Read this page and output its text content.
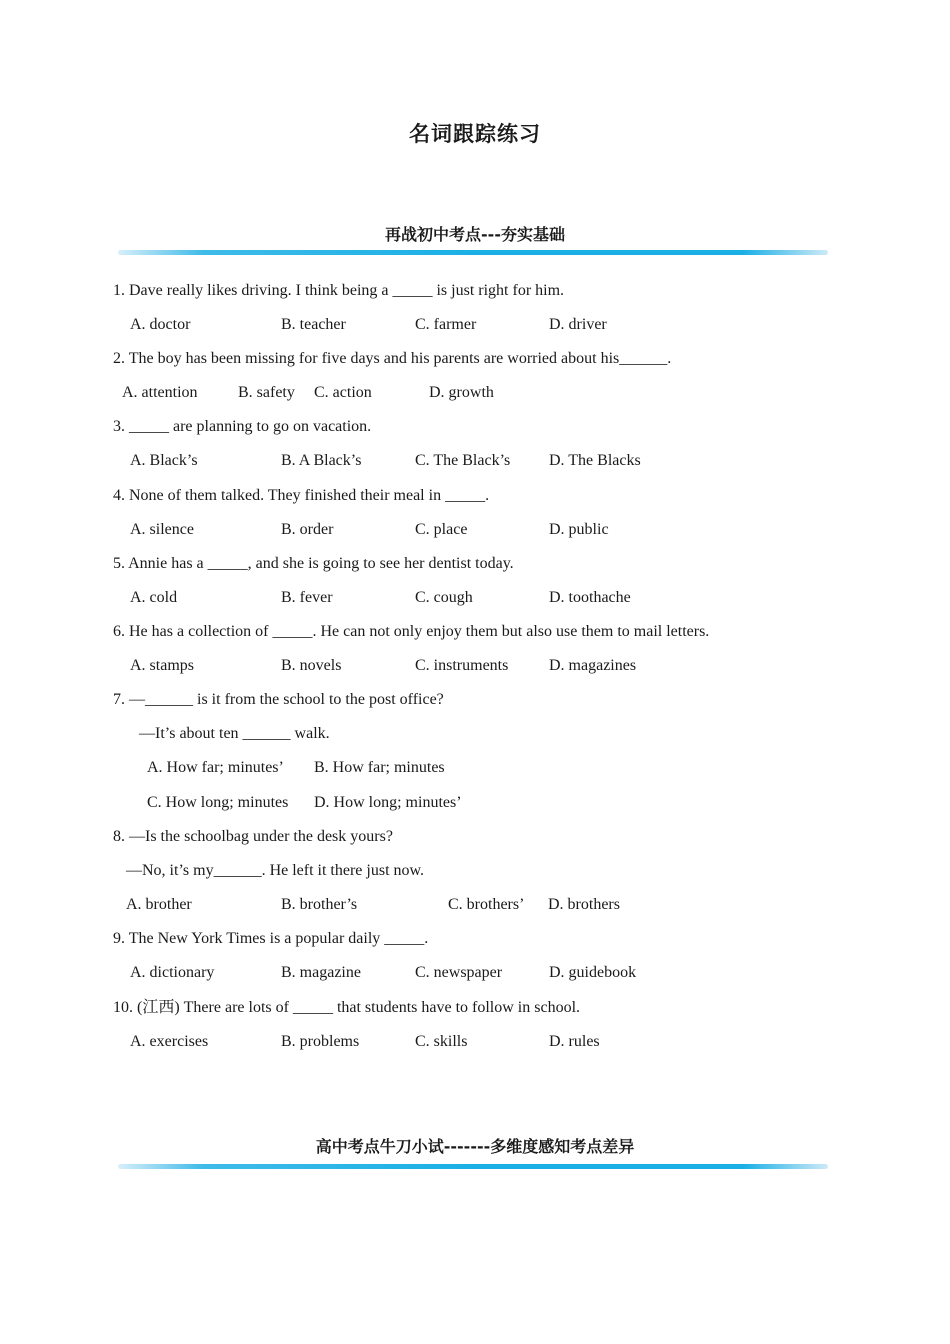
名词跟踪练习
再战初中考点---夯实基础
1. Dave really likes driving. I think being a _____ is just right for him.
A. doctor	B. teacher	C. farmer	D. driver
2. The boy has been missing for five days and his parents are worried about his______.
A. attention	B. safety C. action	D. growth
3. _____ are planning to go on vacation.
A. Black’s	B. A Black’s	C. The Black’s D. The Blacks
4. None of them talked. They finished their meal in _____.
A. silence	B. order	C. place	D. public
5. Annie has a _____, and she is going to see her dentist today.
A. cold	B. fever	C. cough	D. toothache
6. He has a collection of _____. He can not only enjoy them but also use them to mail letters.
A. stamps	B. novels	C. instruments	D. magazines
7. —______ is it from the school to the post office?
—It’s about ten ______ walk.
A. How far; minutes’ B. How far; minutes
C. How long; minutes D. How long; minutes’
8. —Is the schoolbag under the desk yours?
—No, it’s my______. He left it there just now.
A. brother	B. brother’s	C. brothers’ D. brothers
9. The New York Times is a popular daily _____.
A. dictionary	B. magazine	C. newspaper	D. guidebook
10. (江西) There are lots of _____ that students have to follow in school.
A. exercises	B. problems	C. skills	D. rules
高中考点牛刀小试-------多维度感知考点差异
